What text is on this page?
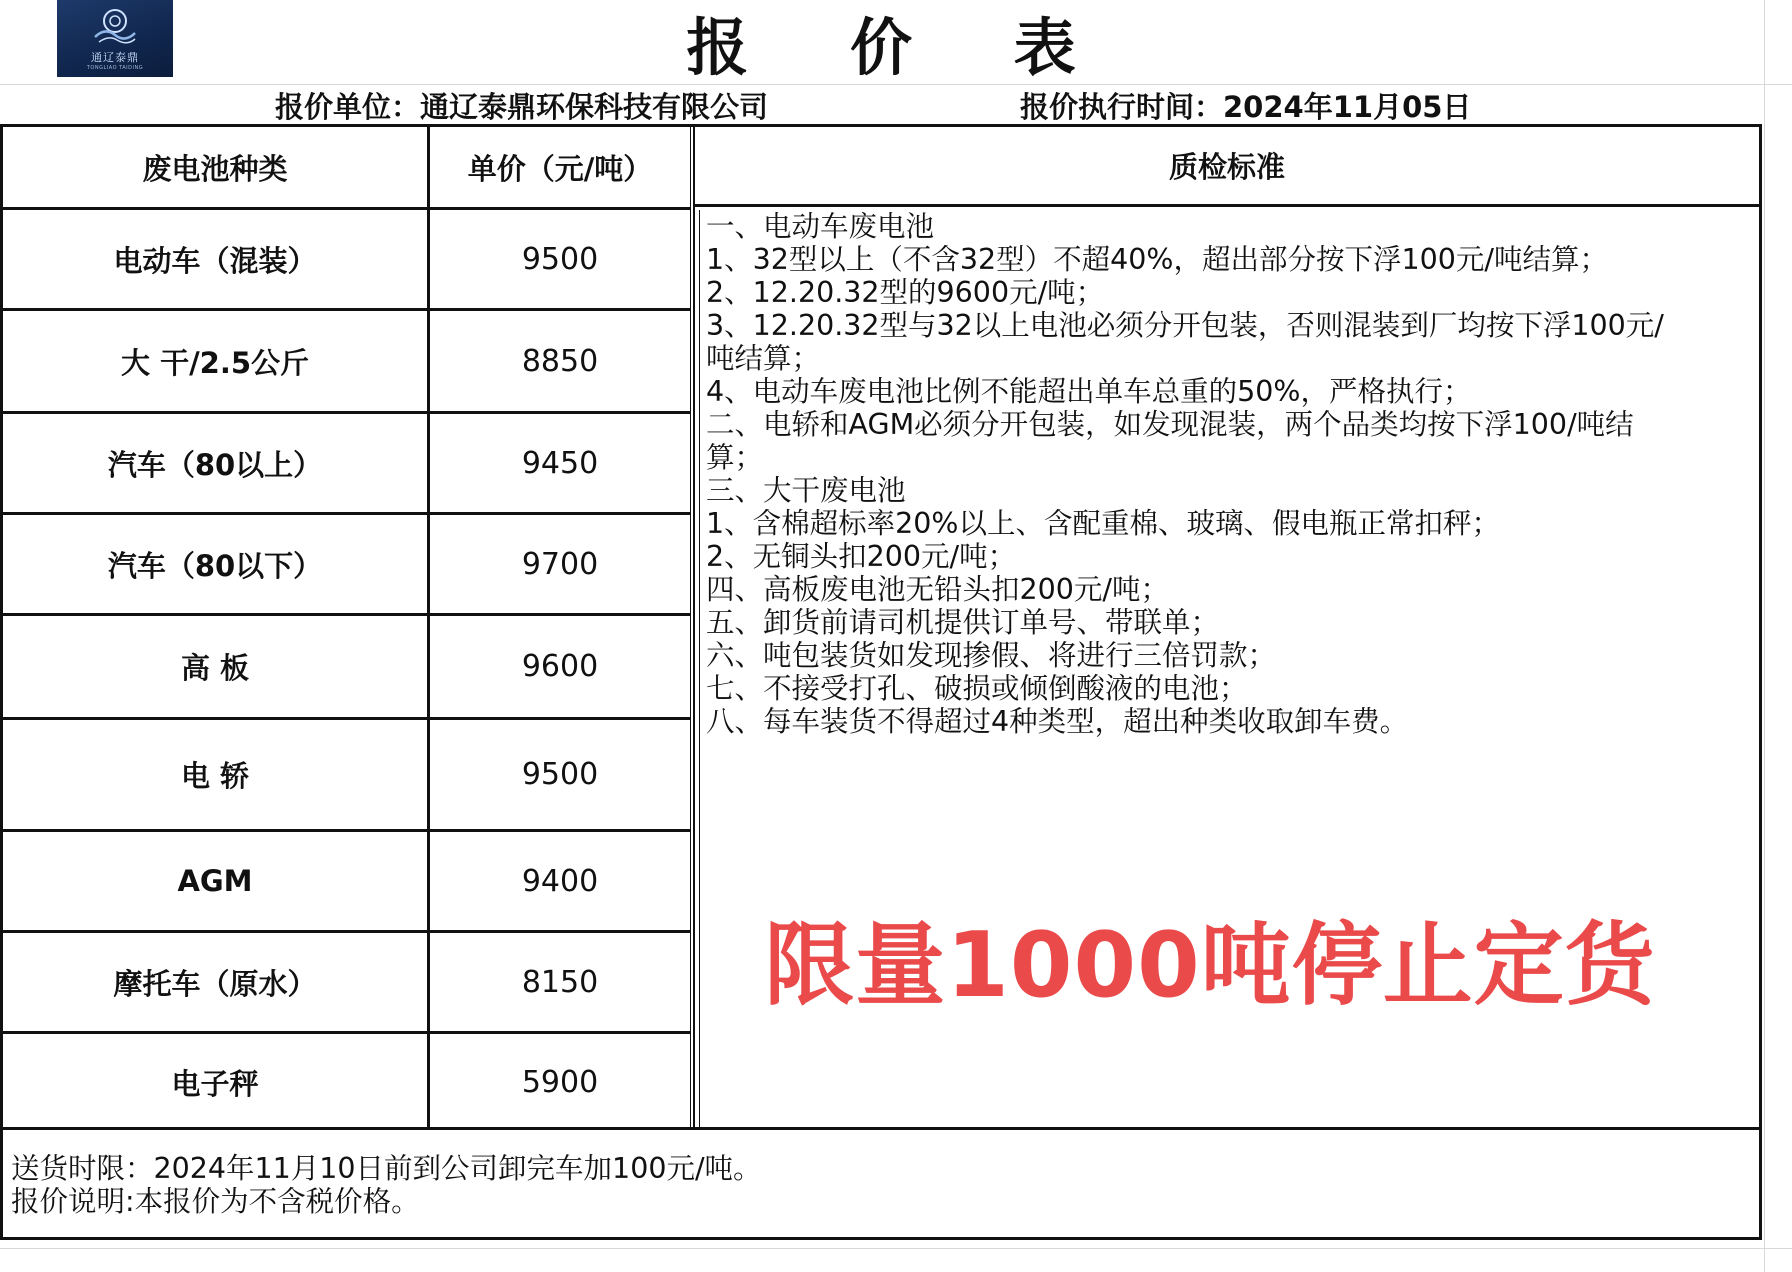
通辽泰鼎
TONGLIAO TAIDING	报 价 表
报价单位：通辽泰鼎环保科技有限公司	报价执行时间：2024年11月05日
废电池种类
电动车（混装）
大 干/2.5公斤
汽车（80以上）
汽车（80以下）
高 板
电 轿
AGM
摩托车（原水）
电子秤
单价（元/吨）
9500
8850
9450
9700
9600
9500
9400
8150
5900
质检标准
一、电动车废电池
1、32型以上（不含32型）不超40%，超出部分按下浮100元/吨结算；
2、12.20.32型的9600元/吨；
3、12.20.32型与32以上电池必须分开包装，否则混装到厂均按下浮100元/
吨结算；
4、电动车废电池比例不能超出单车总重的50%，严格执行；
二、电轿和AGM必须分开包装，如发现混装，两个品类均按下浮100/吨结
算；
三、大干废电池
1、含棉超标率20%以上、含配重棉、玻璃、假电瓶正常扣秤；
2、无铜头扣200元/吨；
四、高板废电池无铅头扣200元/吨；
五、卸货前请司机提供订单号、带联单；
六、吨包装货如发现掺假、将进行三倍罚款；
七、不接受打孔、破损或倾倒酸液的电池；
八、每车装货不得超过4种类型，超出种类收取卸车费。
限量1000吨停止定货
送货时限：2024年11月10日前到公司卸完车加100元/吨。
报价说明:本报价为不含税价格。
